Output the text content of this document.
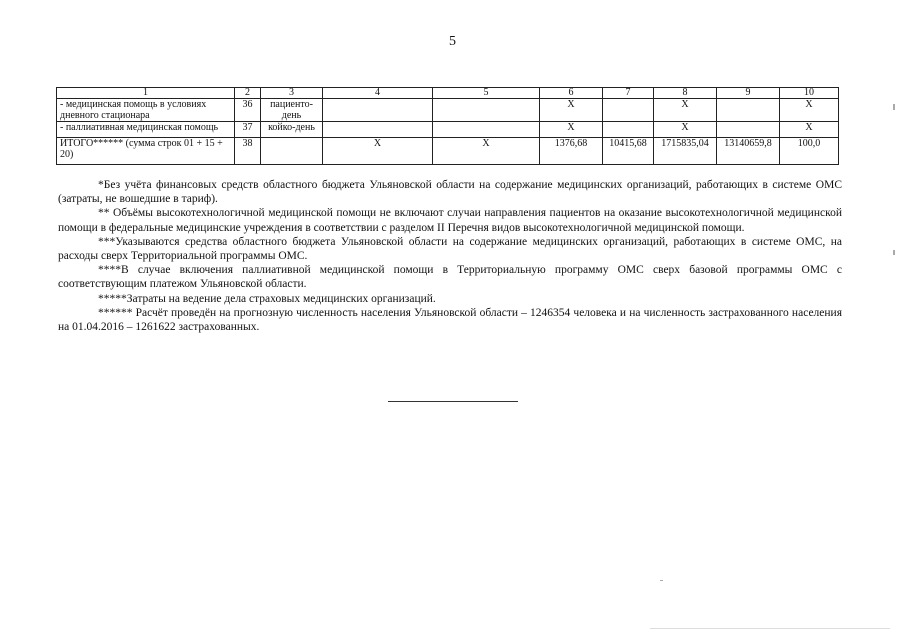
5
1	2	3	4	5	6	7	8	9	10
- медицинская помощь в условиях дневного стационара	36	пациенто-день			Х		Х		Х
- паллиативная медицинская помощь	37	койко-день			Х		Х		Х
ИТОГО****** (сумма строк 01 + 15 + 20)	38		Х	Х	1376,68	10415,68	1715835,04	13140659,8	100,0

*Без учёта финансовых средств областного бюджета Ульяновской области на содержание медицинских организаций, работающих в системе ОМС (затраты, не вошедшие в тариф).

** Объёмы высокотехнологичной медицинской помощи не включают случаи направления пациентов на оказание высокотехнологичной медицинской помощи в федеральные медицинские учреждения в соответствии с разделом II Перечня видов высокотехнологичной медицинской помощи.

***Указываются средства областного бюджета Ульяновской области на содержание медицинских организаций, работающих в системе ОМС, на расходы сверх Территориальной программы ОМС.

****В случае включения паллиативной медицинской помощи в Территориальную программу ОМС сверх базовой программы ОМС с соответствующим платежом Ульяновской области.

*****Затраты на ведение дела страховых медицинских организаций.

****** Расчёт проведён на прогнозную численность населения Ульяновской области – 1246354 человека и на численность застрахованного населения на 01.04.2016 – 1261622 застрахованных.
